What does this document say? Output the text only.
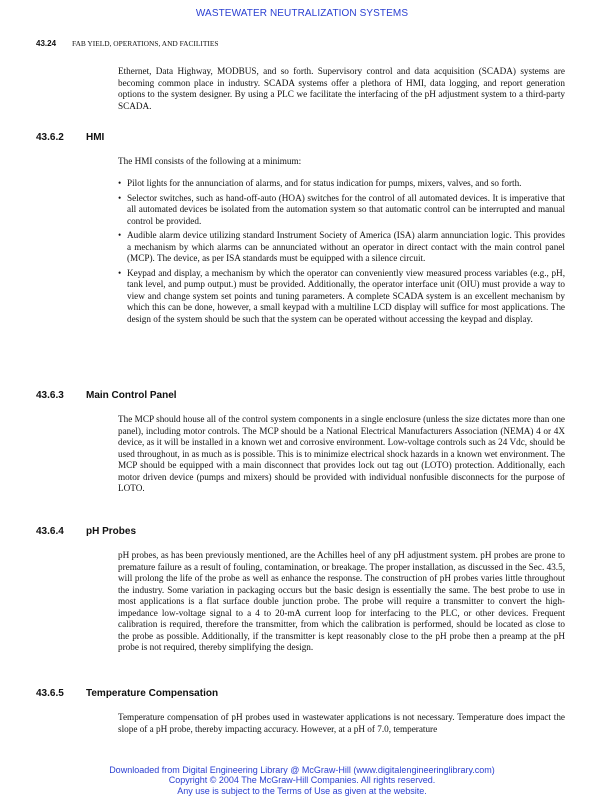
WASTEWATER NEUTRALIZATION SYSTEMS
43.24 FAB YIELD, OPERATIONS, AND FACILITIES

Ethernet, Data Highway, MODBUS, and so forth. Supervisory control and data acquisition (SCADA) systems are becoming common place in industry. SCADA systems offer a plethora of HMI, data logging, and report generation options to the system designer. By using a PLC we facilitate the interfacing of the pH adjustment system to a third-party SCADA.

43.6.2 HMI

The HMI consists of the following at a minimum:

• Pilot lights for the annunciation of alarms, and for status indication for pumps, mixers, valves, and so forth.
• Selector switches, such as hand-off-auto (HOA) switches for the control of all automated devices. It is imperative that all automated devices be isolated from the automation system so that automatic control can be interrupted and manual control be provided.
• Audible alarm device utilizing standard Instrument Society of America (ISA) alarm annunciation logic. This provides a mechanism by which alarms can be annunciated without an operator in direct contact with the main control panel (MCP). The device, as per ISA standards must be equipped with a silence circuit.
• Keypad and display, a mechanism by which the operator can conveniently view measured process variables (e.g., pH, tank level, and pump output.) must be provided. Additionally, the operator interface unit (OIU) must provide a way to view and change system set points and tuning parameters. A complete SCADA system is an excellent mechanism by which this can be done, however, a small keypad with a multiline LCD display will suffice for most applications. The design of the system should be such that the system can be operated without accessing the keypad and display.
43.6.3 Main Control Panel

The MCP should house all of the control system components in a single enclosure (unless the size dictates more than one panel), including motor controls. The MCP should be a National Electrical Manufacturers Association (NEMA) 4 or 4X device, as it will be installed in a known wet and corrosive environment. Low-voltage controls such as 24 Vdc, should be used throughout, in as much as is possible. This is to minimize electrical shock hazards in a known wet environment. The MCP should be equipped with a main disconnect that provides lock out tag out (LOTO) protection. Additionally, each motor driven device (pumps and mixers) should be provided with individual nonfusible disconnects for the purpose of LOTO.

43.6.4 pH Probes

pH probes, as has been previously mentioned, are the Achilles heel of any pH adjustment system. pH probes are prone to premature failure as a result of fouling, contamination, or breakage. The proper installation, as discussed in the Sec. 43.5, will prolong the life of the probe as well as enhance the response. The construction of pH probes varies little throughout the industry. Some variation in packaging occurs but the basic design is essentially the same. The best probe to use in most applications is a flat surface double junction probe. The probe will require a transmitter to convert the high-impedance low-voltage signal to a 4 to 20-mA current loop for interfacing to the PLC, or other devices. Frequent calibration is required, therefore the transmitter, from which the calibration is performed, should be located as close to the probe as possible. Additionally, if the transmitter is kept reasonably close to the pH probe then a preamp at the pH probe is not required, thereby simplifying the design.

43.6.5 Temperature Compensation

Temperature compensation of pH probes used in wastewater applications is not necessary. Temperature does impact the slope of a pH probe, thereby impacting accuracy. However, at a pH of 7.0, temperature

Downloaded from Digital Engineering Library @ McGraw-Hill (www.digitalengineeringlibrary.com)
Copyright © 2004 The McGraw-Hill Companies. All rights reserved.
Any use is subject to the Terms of Use as given at the website.
